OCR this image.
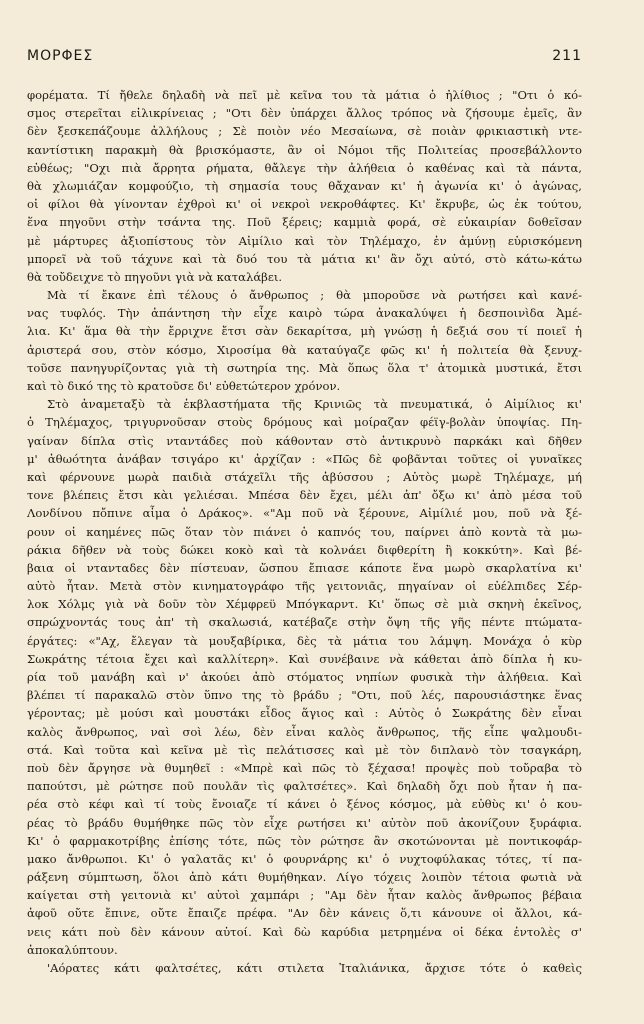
ΜΟΡΦΕΣ	211
φορέματα. Τί ἤθελε δηλαδὴ νὰ πεῖ μὲ κεῖνα του τὰ μάτια ὁ ἠλίθιος ; "Οτι ὁ κό-
σμος στερεῖται εἰλικρίνειας ; "Οτι δὲν ὑπάρχει ἄλλος τρόπος νὰ ζήσουμε ἐμεῖς, ἂν
δὲν ξεσκεπάζουμε ἀλλήλους ; Σὲ ποιὸν νέο Μεσαίωνα, σὲ ποιὰν φρικιαστικὴ ντε-
καντίστικη παρακμὴ θὰ βρισκόμαστε, ἂν οἱ Νόμοι τῆς Πολιτείας προσεβάλλοντο
εὐθέως; "Οχι πιὰ ἄρρητα ρήματα, θἄλεγε τὴν ἀλήθεια ὁ καθένας καὶ τὰ πάντα,
θὰ χλωμιάζαν κομφούζιο, τὴ σημασία τους θἄχαναν κι' ἡ ἀγωνία κι' ὁ ἀγώνας,
οἱ φίλοι θὰ γίνονταν ἐχθροὶ κι' οἱ νεκροὶ νεκροθάφτες. Κι' ἔκρυβε, ὡς ἐκ τούτου,
ἕνα πηγοῦνι στὴν τσάντα της. Ποῦ ξέρεις; καμμιὰ φορά, σὲ εὐκαιρίαν δοθεῖσαν
μὲ μάρτυρες ἀξιοπίστους τὸν Αἰμίλιο καὶ τὸν Τηλέμαχο, ἐν ἀμύνῃ εὑρισκόμενη
μπορεῖ νὰ τοῦ τάχυνε καὶ τὰ δυό του τὰ μάτια κι' ἂν ὄχι αὐτό, στὸ κάτω-κάτω
θὰ τοὔδειχνε τὸ πηγοῦνι γιὰ νὰ καταλάβει.
Μὰ τί ἔκανε ἐπὶ τέλους ὁ ἄνθρωπος ; θὰ μποροῦσε νὰ ρωτήσει καὶ κανέ-
νας τυφλός. Τὴν ἀπάντηση τὴν εἶχε καιρὸ τώρα ἀνακαλύψει ἡ δεσποινὶδα Ἀμέ-
λια. Κι' ἅμα θὰ τὴν ἔρριχνε ἔτσι σὰν δεκαρίτσα, μὴ γνώσῃ ἡ δεξιά σου τί ποιεῖ ἡ
ἀριστερά σου, στὸν κόσμο, Χιροσίμα θὰ καταύγαζε φῶς κι' ἡ πολιτεία θὰ ξενυχ-
τοῦσε πανηγυρίζοντας γιὰ τὴ σωτηρία της. Μὰ ὅπως ὅλα τ' ἀτομικὰ μυστικά, ἔτσι
καὶ τὸ δικό της τὸ κρατοῦσε δι' εὐθετώτερον χρόνον.
Στὸ ἀναμεταξὺ τὰ ἐκβλαστήματα τῆς Κρινιῶς τὰ πνευματικά, ὁ Αἰμίλιος κι'
ὁ Τηλέμαχος, τριγυρνοῦσαν στοὺς δρόμους καὶ μοίραζαν φέϊγ-βολὰν ὑποψίας. Πη-
γαίναν δίπλα στὶς νταντάδες ποὺ κάθονταν στὸ ἀντικρυνὸ παρκάκι καὶ δῆθεν
μ' ἀθωότητα ἀνάβαν τσιγάρο κι' ἀρχίζαν : «Πῶς δὲ φοβᾶνται τοῦτες οἱ γυναῖκες
καὶ φέρνουνε μωρὰ παιδιὰ στάχεῖλι τῆς ἀβύσσου ; Αὐτὸς μωρὲ Τηλέμαχε, μή
τονε βλέπεις ἔτσι κὰι γελιέσαι. Μπέσα δὲν ἔχει, μέλι ἀπ' ὄξω κι' ἀπὸ μέσα τοῦ
Λονδίνου πὄπινε αἷμα ὁ Δράκος». «"Αμ ποῦ νὰ ξέρουνε, Αἰμίλιέ μου, ποῦ νὰ ξέ-
ρουν οἱ καημένες πῶς ὅταν τὸν πιάνει ὁ καπνός του, παίρνει ἀπὸ κοντὰ τὰ μω-
ράκια δῆθεν νὰ τοὺς δώκει κοκὸ καὶ τὰ κολνάει διφθερίτη ἢ κοκκύτη». Καὶ βέ-
βαια οἱ ντανταδες δὲν πίστευαν, ὥσπου ἔπιασε κάποτε ἕνα μωρὸ σκαρλατίνα κι'
αὐτὸ ἦταν. Μετὰ στὸν κινηματογράφο τῆς γειτονιᾶς, πηγαίναν οἱ εὐέλπιδες Σέρ-
λοκ Χόλμς γιὰ νὰ δοῦν τὸν Χέμφρεϋ Μπόγκαρντ. Κι' ὅπως σὲ μιὰ σκηνὴ ἐκεῖνος,
σπρώχνοντάς τους ἀπ' τὴ σκαλωσιά, κατέβαζε στὴν ὄψη τῆς γῆς πέντε πτώματα-
έργάτες: «"Αχ, ἔλεγαν τὰ μουξαβίρικα, δὲς τὰ μάτια του λάμψη. Μονάχα ὁ κὺρ
Σωκράτης τέτοια ἔχει καὶ καλλίτερη». Καὶ συνέβαινε νὰ κάθεται ἀπὸ δίπλα ἡ κυ-
ρία τοῦ μανάβη καὶ ν' ἀκούει ἀπὸ στόματος νηπίων φυσικὰ τὴν ἀλήθεια. Καὶ
βλέπει τί παρακαλῶ στὸν ὕπνο της τὸ βράδυ ; "Οτι, ποῦ λές, παρουσιάστηκε ἕνας
γέροντας; μὲ μούσι καὶ μουστάκι εἶδος ἅγιος καὶ : Αὐτὸς ὁ Σωκράτης δὲν εἶναι
καλὸς ἄνθρωπος, ναὶ σοὶ λέω, δὲν εἶναι καλὸς ἄνθρωπος, τῆς εἶπε ψαλμουδι-
στά. Καὶ τοῦτα καὶ κεῖνα μὲ τὶς πελάτισσες καὶ μὲ τὸν διπλανὸ τὸν τσαγκάρη,
ποὺ δὲν ἄργησε νὰ θυμηθεῖ : «Μπρὲ καὶ πῶς τὸ ξέχασα! προψὲς ποὺ τοὔραβα τὸ
παπούτσι, μὲ ρώτησε ποῦ πουλᾶν τὶς φαλτσέτες». Καὶ δηλαδὴ ὄχι ποὺ ἦταν ἡ πα-
ρέα στὸ κέφι καὶ τί τοὺς ἔνοιαζε τί κάνει ὁ ξένος κόσμος, μὰ εὐθὺς κι' ὁ κου-
ρέας τὸ βράδυ θυμήθηκε πῶς τὸν εἶχε ρωτήσει κι' αὐτὸν ποῦ ἀκονίζουν ξυράφια.
Κι' ὁ φαρμακοτρίβης ἐπίσης τότε, πῶς τὸν ρώτησε ἂν σκοτώνονται μὲ ποντικοφάρ-
μακο ἄνθρωποι. Κι' ὁ γαλατᾶς κι' ὁ φουρνάρης κι' ὁ νυχτοφύλακας τότες, τί πα-
ράξενη σύμπτωση, ὅλοι ἀπὸ κάτι θυμήθηκαν. Λίγο τόχεις λοιπὸν τέτοια φωτιὰ νὰ
καίγεται στὴ γειτονιὰ κι' αὐτοὶ χαμπάρι ; "Αμ δὲν ἦταν καλὸς ἄνθρωπος βέβαια
ἀφοῦ οὔτε ἔπινε, οὔτε ἔπαιζε πρέφα. "Αν δὲν κάνεις ὅ,τι κάνουνε οἱ ἄλλοι, κά-
νεις κάτι ποὺ δὲν κάνουν αὐτοί. Καὶ δὼ καρύδια μετρημένα οἱ δέκα ἐντολὲς σ'
ἀποκαλύπτουν.
'Αόρατες κάτι φαλτσέτες, κάτι στιλετα Ἰταλιάνικα, ἄρχισε τότε ὁ καθεὶς
